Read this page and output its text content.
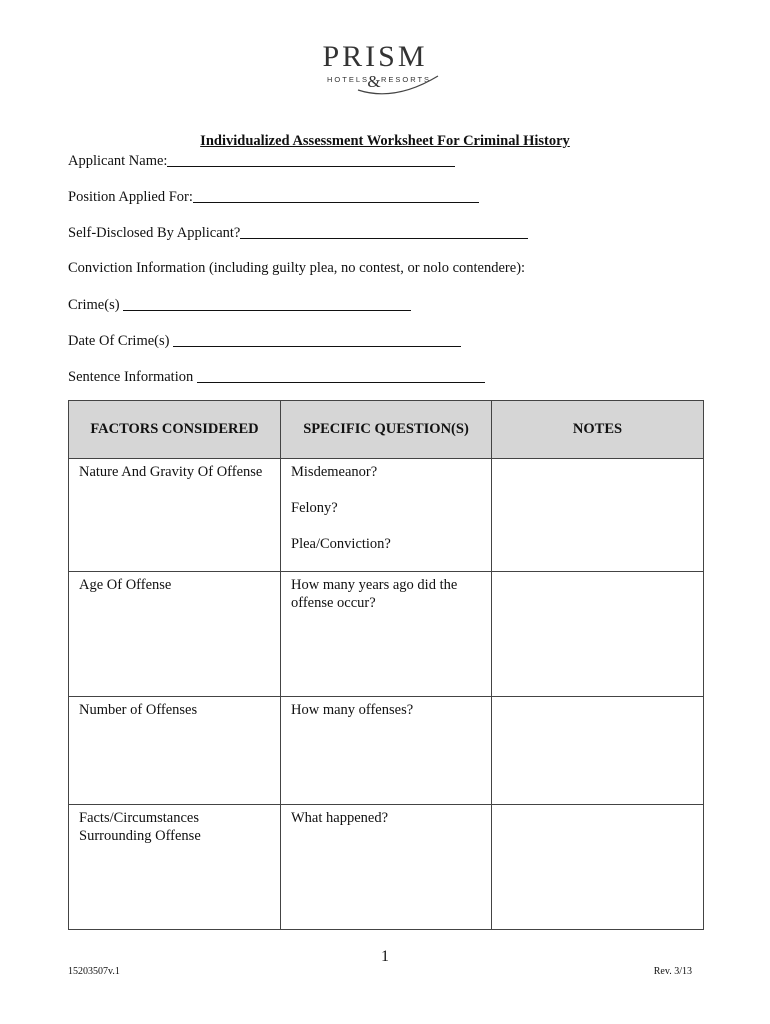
PRISM
HOTELS
& RESORTS
Individualized Assessment Worksheet For Criminal History
Applicant Name:
Position Applied For:
Self-Disclosed By Applicant?
Conviction Information (including guilty plea, no contest, or nolo contendere):
Crime(s)
Date Of Crime(s)
Sentence Information
FACTORS CONSIDERED	SPECIFIC QUESTION(S)	NOTES
Nature And Gravity Of Offense	Misdemeanor?
Felony?
Plea/Conviction?	

Age Of Offense	How many years ago did the offense occur?	
Number of Offenses	How many offenses?	
Facts/Circumstances Surrounding Offense	What happened?	
1
15203507v.1	Rev. 3/13
